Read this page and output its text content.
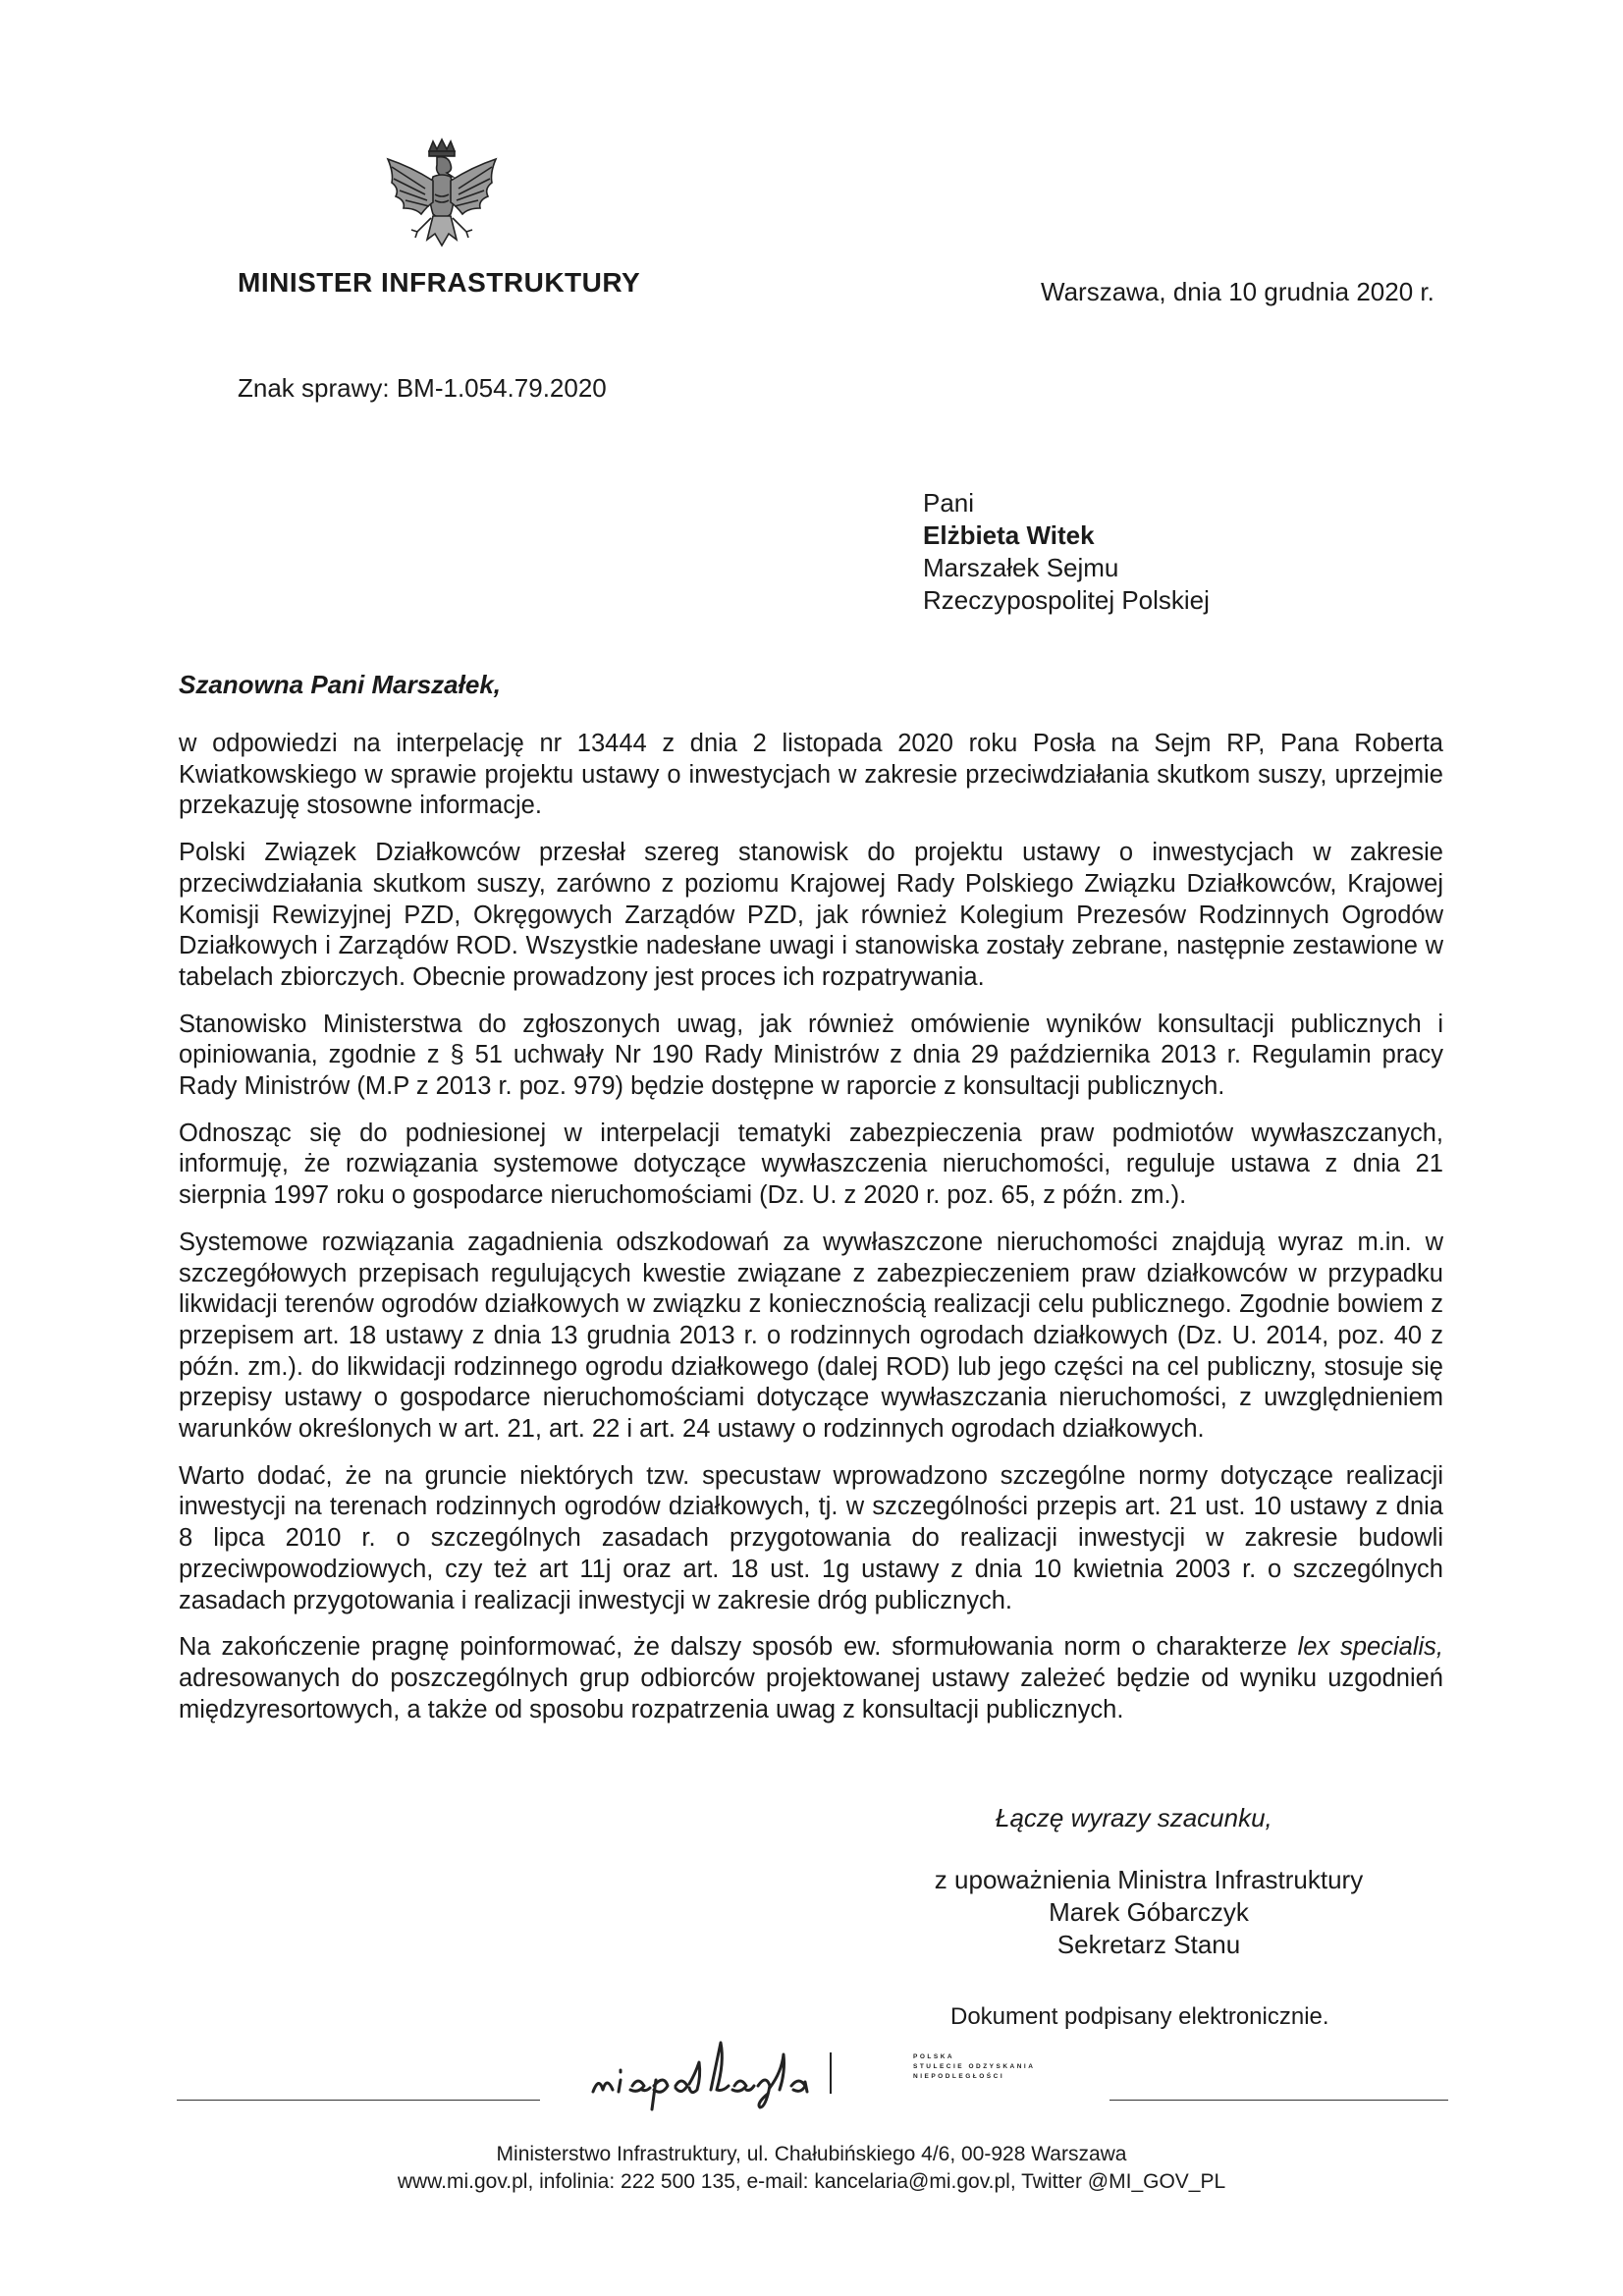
MINISTER INFRASTRUKTURY	Warszawa, dnia 10 grudnia 2020 r.
Znak sprawy: BM-1.054.79.2020
Pani
Elżbieta Witek
Marszałek Sejmu
Rzeczypospolitej Polskiej
Szanowna Pani Marszałek,

w odpowiedzi na interpelację nr 13444 z dnia 2 listopada 2020 roku Posła na Sejm RP, Pana Roberta Kwiatkowskiego w sprawie projektu ustawy o inwestycjach w zakresie przeciwdziałania skutkom suszy, uprzejmie przekazuję stosowne informacje.

Polski Związek Działkowców przesłał szereg stanowisk do projektu ustawy o inwestycjach w zakresie przeciwdziałania skutkom suszy, zarówno z poziomu Krajowej Rady Polskiego Związku Działkowców, Krajowej Komisji Rewizyjnej PZD, Okręgowych Zarządów PZD, jak również Kolegium Prezesów Rodzinnych Ogrodów Działkowych i Zarządów ROD. Wszystkie nadesłane uwagi i stanowiska zostały zebrane, następnie zestawione w tabelach zbiorczych. Obecnie prowadzony jest proces ich rozpatrywania.

Stanowisko Ministerstwa do zgłoszonych uwag, jak również omówienie wyników konsultacji publicznych i opiniowania, zgodnie z § 51 uchwały Nr 190 Rady Ministrów z dnia 29 października 2013 r. Regulamin pracy Rady Ministrów (M.P z 2013 r. poz. 979) będzie dostępne w raporcie z konsultacji publicznych.

Odnosząc się do podniesionej w interpelacji tematyki zabezpieczenia praw podmiotów wywłaszczanych, informuję, że rozwiązania systemowe dotyczące wywłaszczenia nieruchomości, reguluje ustawa z dnia 21 sierpnia 1997 roku o gospodarce nieruchomościami (Dz. U. z 2020 r. poz. 65, z późn. zm.).

Systemowe rozwiązania zagadnienia odszkodowań za wywłaszczone nieruchomości znajdują wyraz m.in. w szczegółowych przepisach regulujących kwestie związane z zabezpieczeniem praw działkowców w przypadku likwidacji terenów ogrodów działkowych w związku z koniecznością realizacji celu publicznego. Zgodnie bowiem z przepisem art. 18 ustawy z dnia 13 grudnia 2013 r. o rodzinnych ogrodach działkowych (Dz. U. 2014, poz. 40 z późn. zm.). do likwidacji rodzinnego ogrodu działkowego (dalej ROD) lub jego części na cel publiczny, stosuje się przepisy ustawy o gospodarce nieruchomościami dotyczące wywłaszczania nieruchomości, z uwzględnieniem warunków określonych w art. 21, art. 22 i art. 24 ustawy o rodzinnych ogrodach działkowych.

Warto dodać, że na gruncie niektórych tzw. specustaw wprowadzono szczególne normy dotyczące realizacji inwestycji na terenach rodzinnych ogrodów działkowych, tj. w szczególności przepis art. 21 ust. 10 ustawy z dnia 8 lipca 2010 r. o szczególnych zasadach przygotowania do realizacji inwestycji w zakresie budowli przeciwpowodziowych, czy też art 11j oraz art. 18 ust. 1g ustawy z dnia 10 kwietnia 2003 r. o szczególnych zasadach przygotowania i realizacji inwestycji w zakresie dróg publicznych.

Na zakończenie pragnę poinformować, że dalszy sposób ew. sformułowania norm o charakterze lex specialis, adresowanych do poszczególnych grup odbiorców projektowanej ustawy zależeć będzie od wyniku uzgodnień międzyresortowych, a także od sposobu rozpatrzenia uwag z konsultacji publicznych.

Łączę wyrazy szacunku,
z upoważnienia Ministra Infrastruktury
Marek Góbarczyk
Sekretarz Stanu
Dokument podpisany elektronicznie.
POLSKA
STULECIE ODZYSKANIA
NIEPODLEGŁOŚCI
Ministerstwo Infrastruktury, ul. Chałubińskiego 4/6, 00-928 Warszawa
www.mi.gov.pl, infolinia: 222 500 135, e-mail: kancelaria@mi.gov.pl, Twitter @MI_GOV_PL
